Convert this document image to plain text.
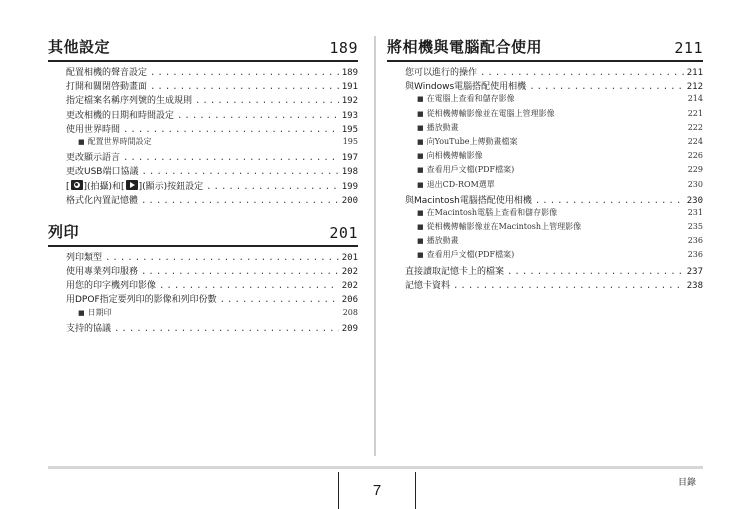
其他設定	189
配置相機的聲音設定 .....	189
打開和關閉啓動畫面 .....	191
指定檔案名稱序列號的生成規則 .....	192
更改相機的日期和時間設定 .....	193
使用世界時間 .....	195
■ 配置世界時間設定	195
更改顯示語言 .....	197
更改USB端口協議 .....	198
[ ](拍攝)和[ ](顯示)按鈕設定 .....	199
格式化內置記憶體 .....	200
列印	201
列印類型 .....	201
使用專業列印服務 .....	202
用您的印字機列印影像 .....	202
用DPOF指定要列印的影像和列印份數 .....	206
■ 日期印	208
支持的協議 .....	209
將相機與電腦配合使用	211
您可以進行的操作 .....	211
與Windows電腦搭配使用相機 .....	212
■ 在電腦上查看和儲存影像	214
■ 從相機傳輸影像並在電腦上管理影像	221
■ 播放動畫	222
■ 向YouTube上傳動畫檔案	224
■ 向相機傳輸影像	226
■ 查看用戶文檔(PDF檔案)	229
■ 退出CD-ROM選單	230
與Macintosh電腦搭配使用相機 .....	230
■ 在Macintosh電腦上查看和儲存影像	231
■ 從相機傳輸影像並在Macintosh上管理影像	235
■ 播放動畫	236
■ 查看用戶文檔(PDF檔案)	236
直接讀取記憶卡上的檔案 .....	237
記憶卡資料 .....	238
7	目錄
